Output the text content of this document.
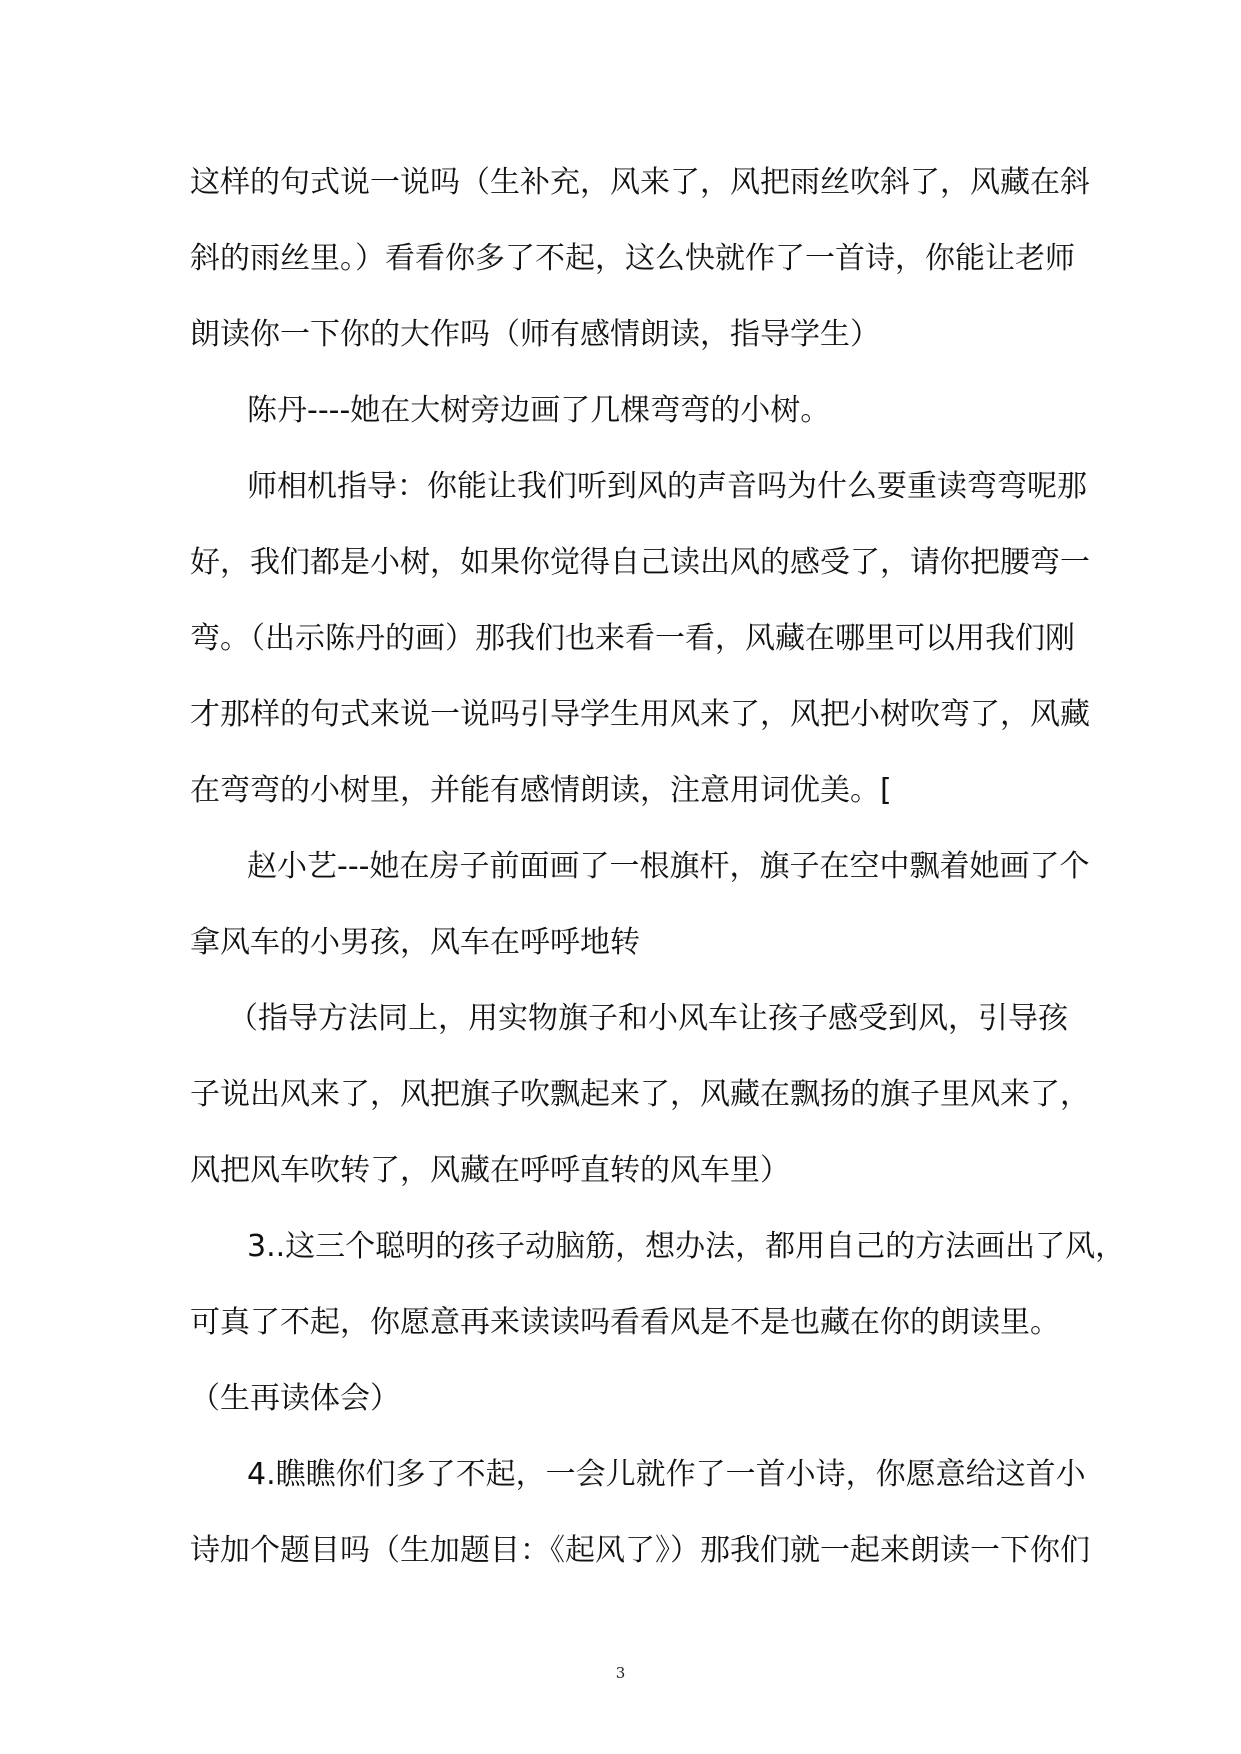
这样的句式说一说吗（生补充，风来了，风把雨丝吹斜了，风藏在斜
斜的雨丝里。）看看你多了不起，这么快就作了一首诗，你能让老师
朗读你一下你的大作吗（师有感情朗读，指导学生）
陈丹----她在大树旁边画了几棵弯弯的小树。
师相机指导：你能让我们听到风的声音吗为什么要重读弯弯呢那
好，我们都是小树，如果你觉得自己读出风的感受了，请你把腰弯一
弯。（出示陈丹的画）那我们也来看一看，风藏在哪里可以用我们刚
才那样的句式来说一说吗引导学生用风来了，风把小树吹弯了，风藏
在弯弯的小树里，并能有感情朗读，注意用词优美。[
赵小艺---她在房子前面画了一根旗杆，旗子在空中飘着她画了个
拿风车的小男孩，风车在呼呼地转
（指导方法同上，用实物旗子和小风车让孩子感受到风，引导孩
子说出风来了，风把旗子吹飘起来了，风藏在飘扬的旗子里风来了，
风把风车吹转了，风藏在呼呼直转的风车里）
3..这三个聪明的孩子动脑筋，想办法，都用自己的方法画出了风，
可真了不起，你愿意再来读读吗看看风是不是也藏在你的朗读里。
（生再读体会）
4.瞧瞧你们多了不起，一会儿就作了一首小诗，你愿意给这首小
诗加个题目吗（生加题目：《起风了》）那我们就一起来朗读一下你们
3
